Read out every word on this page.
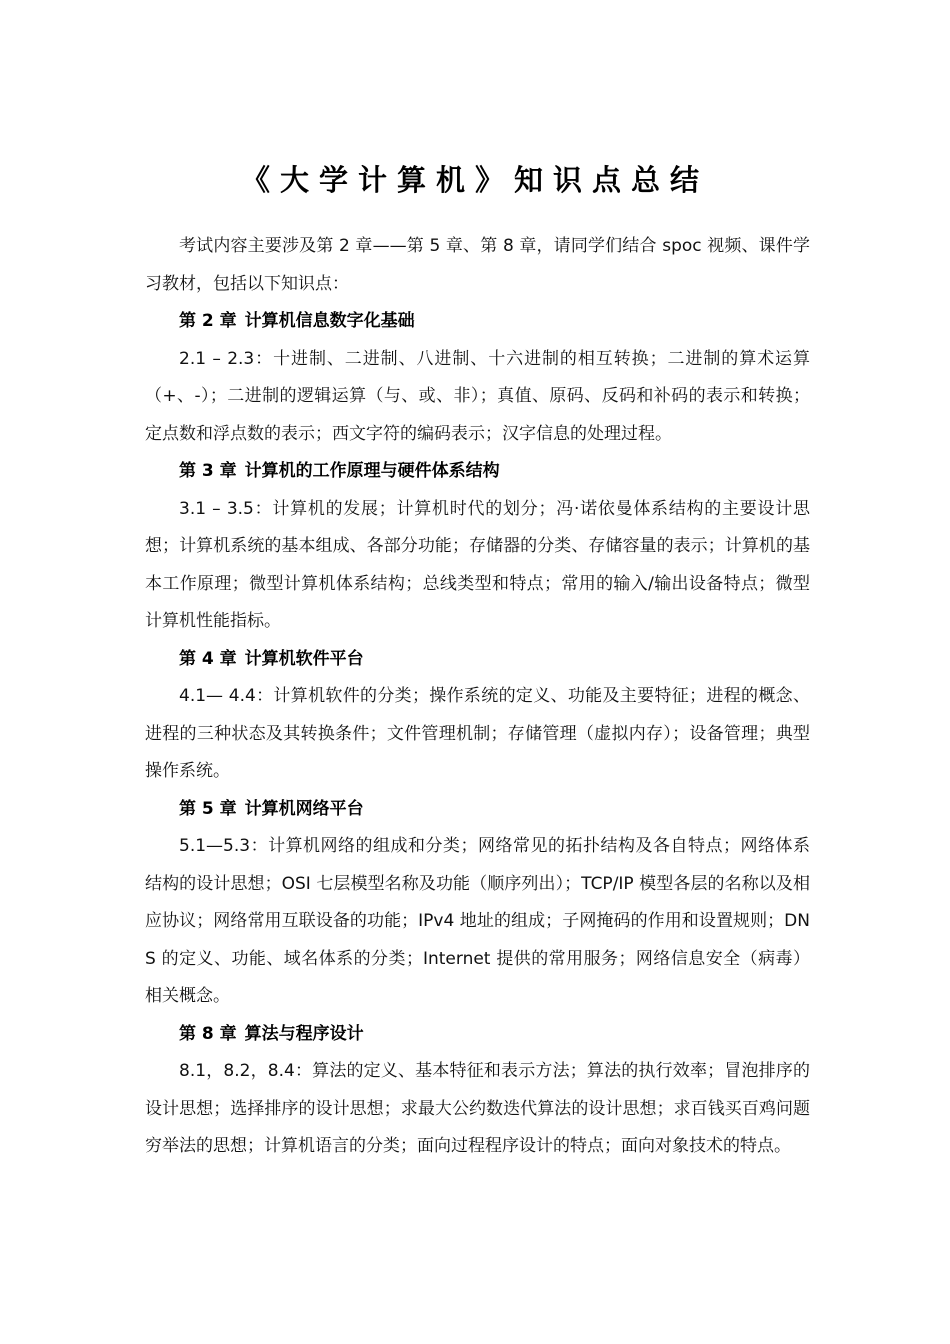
《大学计算机》知识点总结

考试内容主要涉及第 2 章——第 5 章、第 8 章，请同学们结合 spoc 视频、课件学习教材，包括以下知识点：

第 2 章 计算机信息数字化基础

2.1 – 2.3：十进制、二进制、八进制、十六进制的相互转换；二进制的算术运算（+、-）；二进制的逻辑运算（与、或、非）；真值、原码、反码和补码的表示和转换；定点数和浮点数的表示；西文字符的编码表示；汉字信息的处理过程。

第 3 章 计算机的工作原理与硬件体系结构

3.1 – 3.5：计算机的发展；计算机时代的划分；冯·诺依曼体系结构的主要设计思想；计算机系统的基本组成、各部分功能；存储器的分类、存储容量的表示；计算机的基本工作原理；微型计算机体系结构；总线类型和特点；常用的输入/输出设备特点；微型计算机性能指标。

第 4 章 计算机软件平台

4.1— 4.4：计算机软件的分类；操作系统的定义、功能及主要特征；进程的概念、进程的三种状态及其转换条件；文件管理机制；存储管理（虚拟内存）；设备管理；典型操作系统。

第 5 章 计算机网络平台

5.1—5.3：计算机网络的组成和分类；网络常见的拓扑结构及各自特点；网络体系结构的设计思想；OSI 七层模型名称及功能（顺序列出）；TCP/IP 模型各层的名称以及相应协议；网络常用互联设备的功能；IPv4 地址的组成；子网掩码的作用和设置规则；DNS 的定义、功能、域名体系的分类；Internet 提供的常用服务；网络信息安全（病毒）相关概念。

第 8 章 算法与程序设计

8.1，8.2，8.4：算法的定义、基本特征和表示方法；算法的执行效率；冒泡排序的设计思想；选择排序的设计思想；求最大公约数迭代算法的设计思想；求百钱买百鸡问题穷举法的思想；计算机语言的分类；面向过程程序设计的特点；面向对象技术的特点。
